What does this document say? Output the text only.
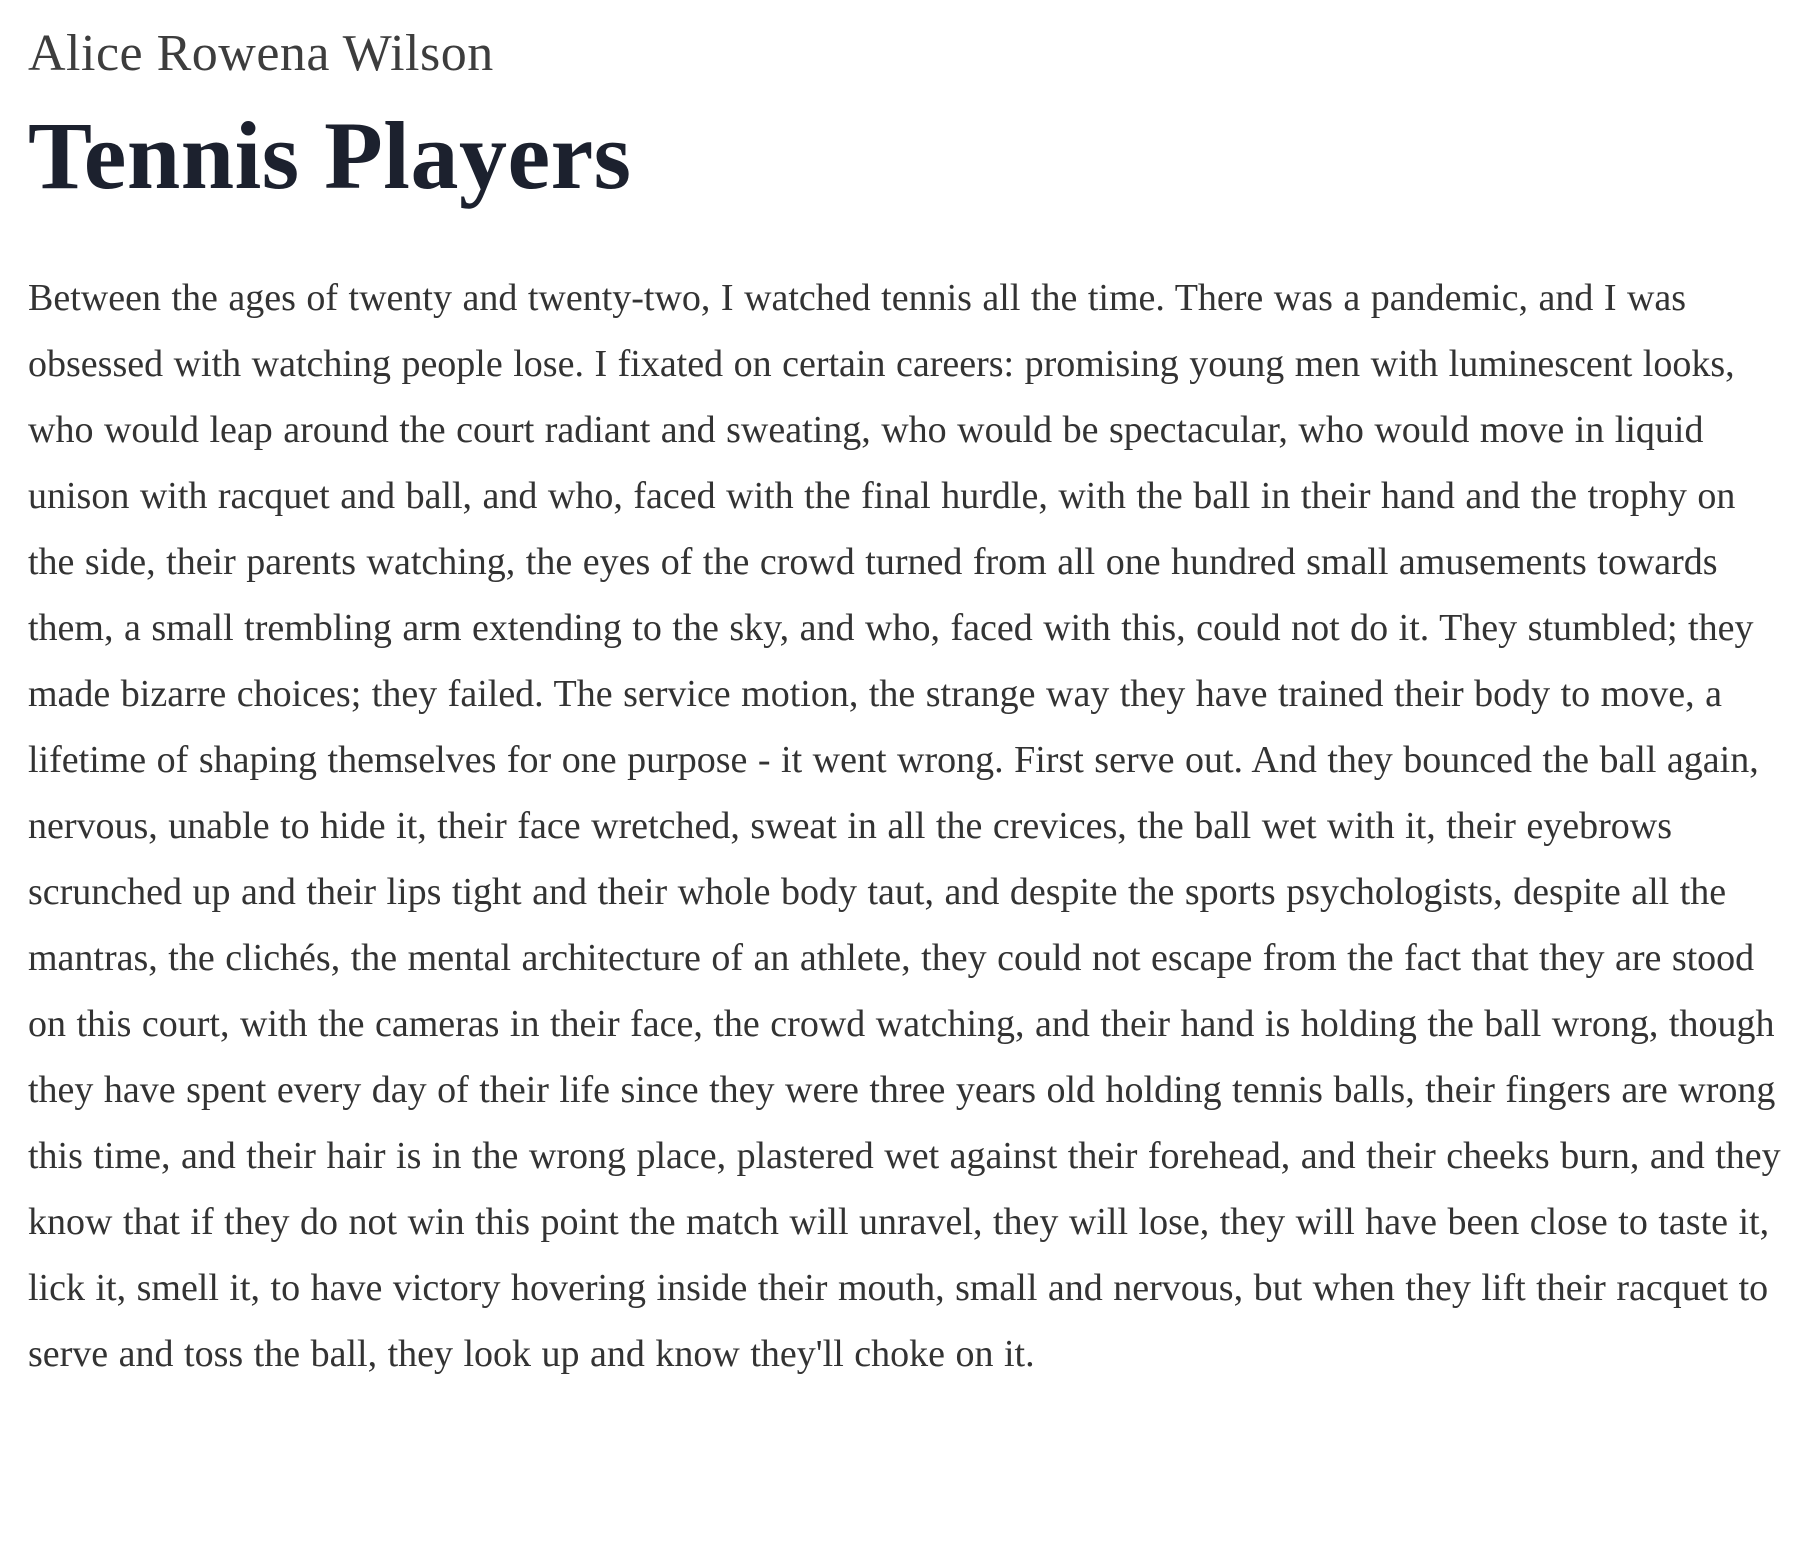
Alice Rowena Wilson

Tennis Players

Between the ages of twenty and twenty-two, I watched tennis all the time. There was a pandemic, and I was obsessed with watching people lose. I fixated on certain careers: promising young men with luminescent looks, who would leap around the court radiant and sweating, who would be spectacular, who would move in liquid unison with racquet and ball, and who, faced with the final hurdle, with the ball in their hand and the trophy on the side, their parents watching, the eyes of the crowd turned from all one hundred small amusements towards them, a small trembling arm extending to the sky, and who, faced with this, could not do it. They stumbled; they made bizarre choices; they failed. The service motion, the strange way they have trained their body to move, a lifetime of shaping themselves for one purpose - it went wrong. First serve out. And they bounced the ball again, nervous, unable to hide it, their face wretched, sweat in all the crevices, the ball wet with it, their eyebrows scrunched up and their lips tight and their whole body taut, and despite the sports psychologists, despite all the mantras, the clichés, the mental architecture of an athlete, they could not escape from the fact that they are stood on this court, with the cameras in their face, the crowd watching, and their hand is holding the ball wrong, though they have spent every day of their life since they were three years old holding tennis balls, their fingers are wrong this time, and their hair is in the wrong place, plastered wet against their forehead, and their cheeks burn, and they know that if they do not win this point the match will unravel, they will lose, they will have been close to taste it, lick it, smell it, to have victory hovering inside their mouth, small and nervous, but when they lift their racquet to serve and toss the ball, they look up and know they'll choke on it.
